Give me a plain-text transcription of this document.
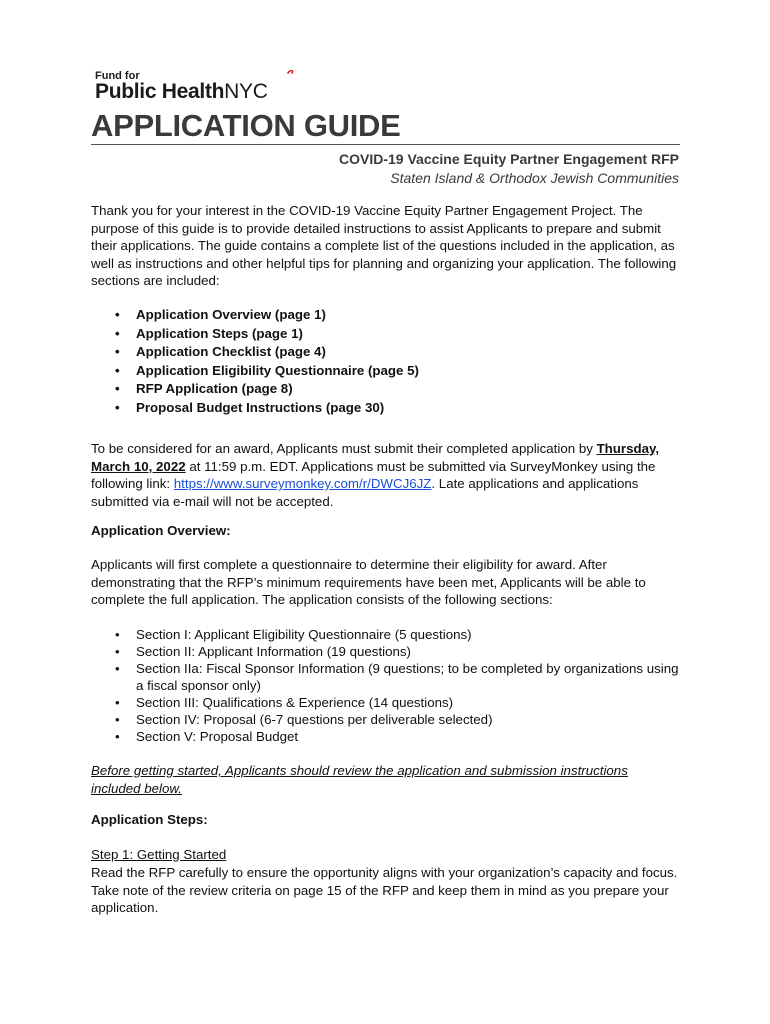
Fund for
Public HealthNYC
APPLICATION GUIDE
COVID-19 Vaccine Equity Partner Engagement RFP
Staten Island & Orthodox Jewish Communities

Thank you for your interest in the COVID-19 Vaccine Equity Partner Engagement Project. The purpose of this guide is to provide detailed instructions to assist Applicants to prepare and submit their applications. The guide contains a complete list of the questions included in the application, as well as instructions and other helpful tips for planning and organizing your application. The following sections are included:

• Application Overview (page 1)
• Application Steps (page 1)
• Application Checklist (page 4)
• Application Eligibility Questionnaire (page 5)
• RFP Application (page 8)
• Proposal Budget Instructions (page 30)

To be considered for an award, Applicants must submit their completed application by Thursday, March 10, 2022 at 11:59 p.m. EDT. Applications must be submitted via SurveyMonkey using the following link: https://www.surveymonkey.com/r/DWCJ6JZ. Late applications and applications submitted via e-mail will not be accepted.

Application Overview:

Applicants will first complete a questionnaire to determine their eligibility for award. After demonstrating that the RFP’s minimum requirements have been met, Applicants will be able to complete the full application. The application consists of the following sections:

• Section I: Applicant Eligibility Questionnaire (5 questions)
• Section II: Applicant Information (19 questions)
• Section IIa: Fiscal Sponsor Information (9 questions; to be completed by organizations using a fiscal sponsor only)
• Section III: Qualifications & Experience (14 questions)
• Section IV: Proposal (6-7 questions per deliverable selected)
• Section V: Proposal Budget

Before getting started, Applicants should review the application and submission instructions included below.

Application Steps:

Step 1: Getting Started

Read the RFP carefully to ensure the opportunity aligns with your organization’s capacity and focus. Take note of the review criteria on page 15 of the RFP and keep them in mind as you prepare your application.
